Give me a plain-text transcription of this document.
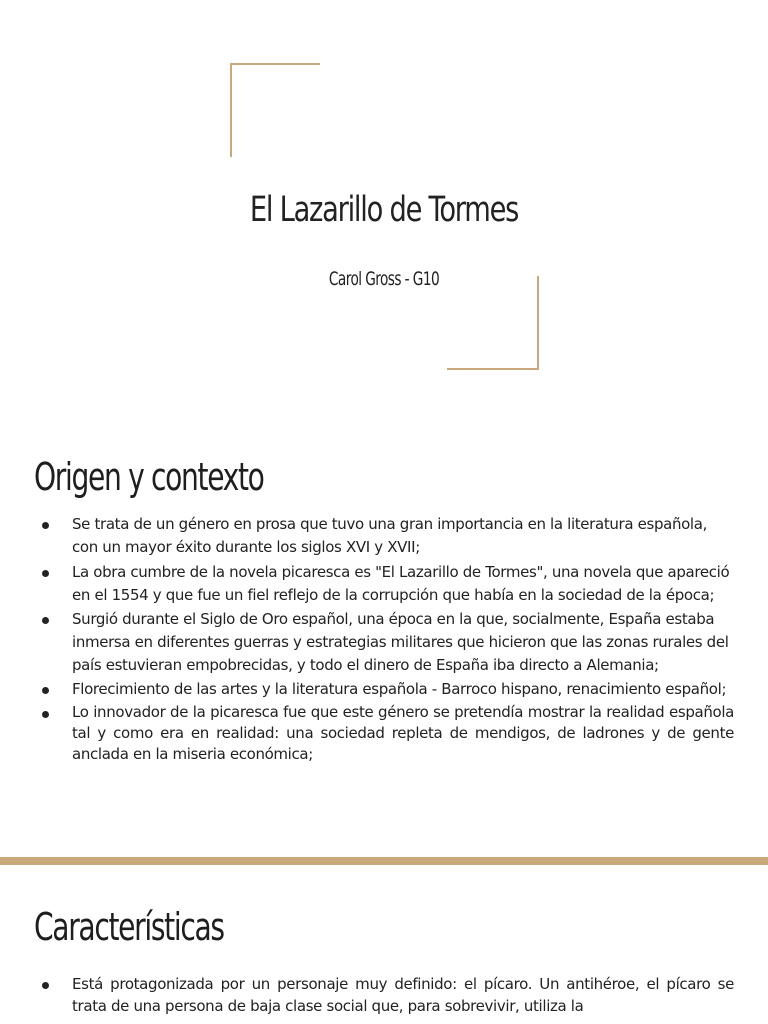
El Lazarillo de Tormes
Carol Gross - G10
Origen y contexto
Se trata de un género en prosa que tuvo una gran importancia en la literatura española, con un mayor éxito durante los siglos XVI y XVII;
La obra cumbre de la novela picaresca es "El Lazarillo de Tormes", una novela que apareció en el 1554 y que fue un fiel reflejo de la corrupción que había en la sociedad de la época;
Surgió durante el Siglo de Oro español, una época en la que, socialmente, España estaba inmersa en diferentes guerras y estrategias militares que hicieron que las zonas rurales del país estuvieran empobrecidas, y todo el dinero de España iba directo a Alemania;
Florecimiento de las artes y la literatura española - Barroco hispano, renacimiento español;
Lo innovador de la picaresca fue que este género se pretendía mostrar la realidad española tal y como era en realidad: una sociedad repleta de mendigos, de ladrones y de gente anclada en la miseria económica;
Características
Está protagonizada por un personaje muy definido: el pícaro. Un antihéroe, el pícaro se trata de una persona de baja clase social que, para sobrevivir, utiliza la
